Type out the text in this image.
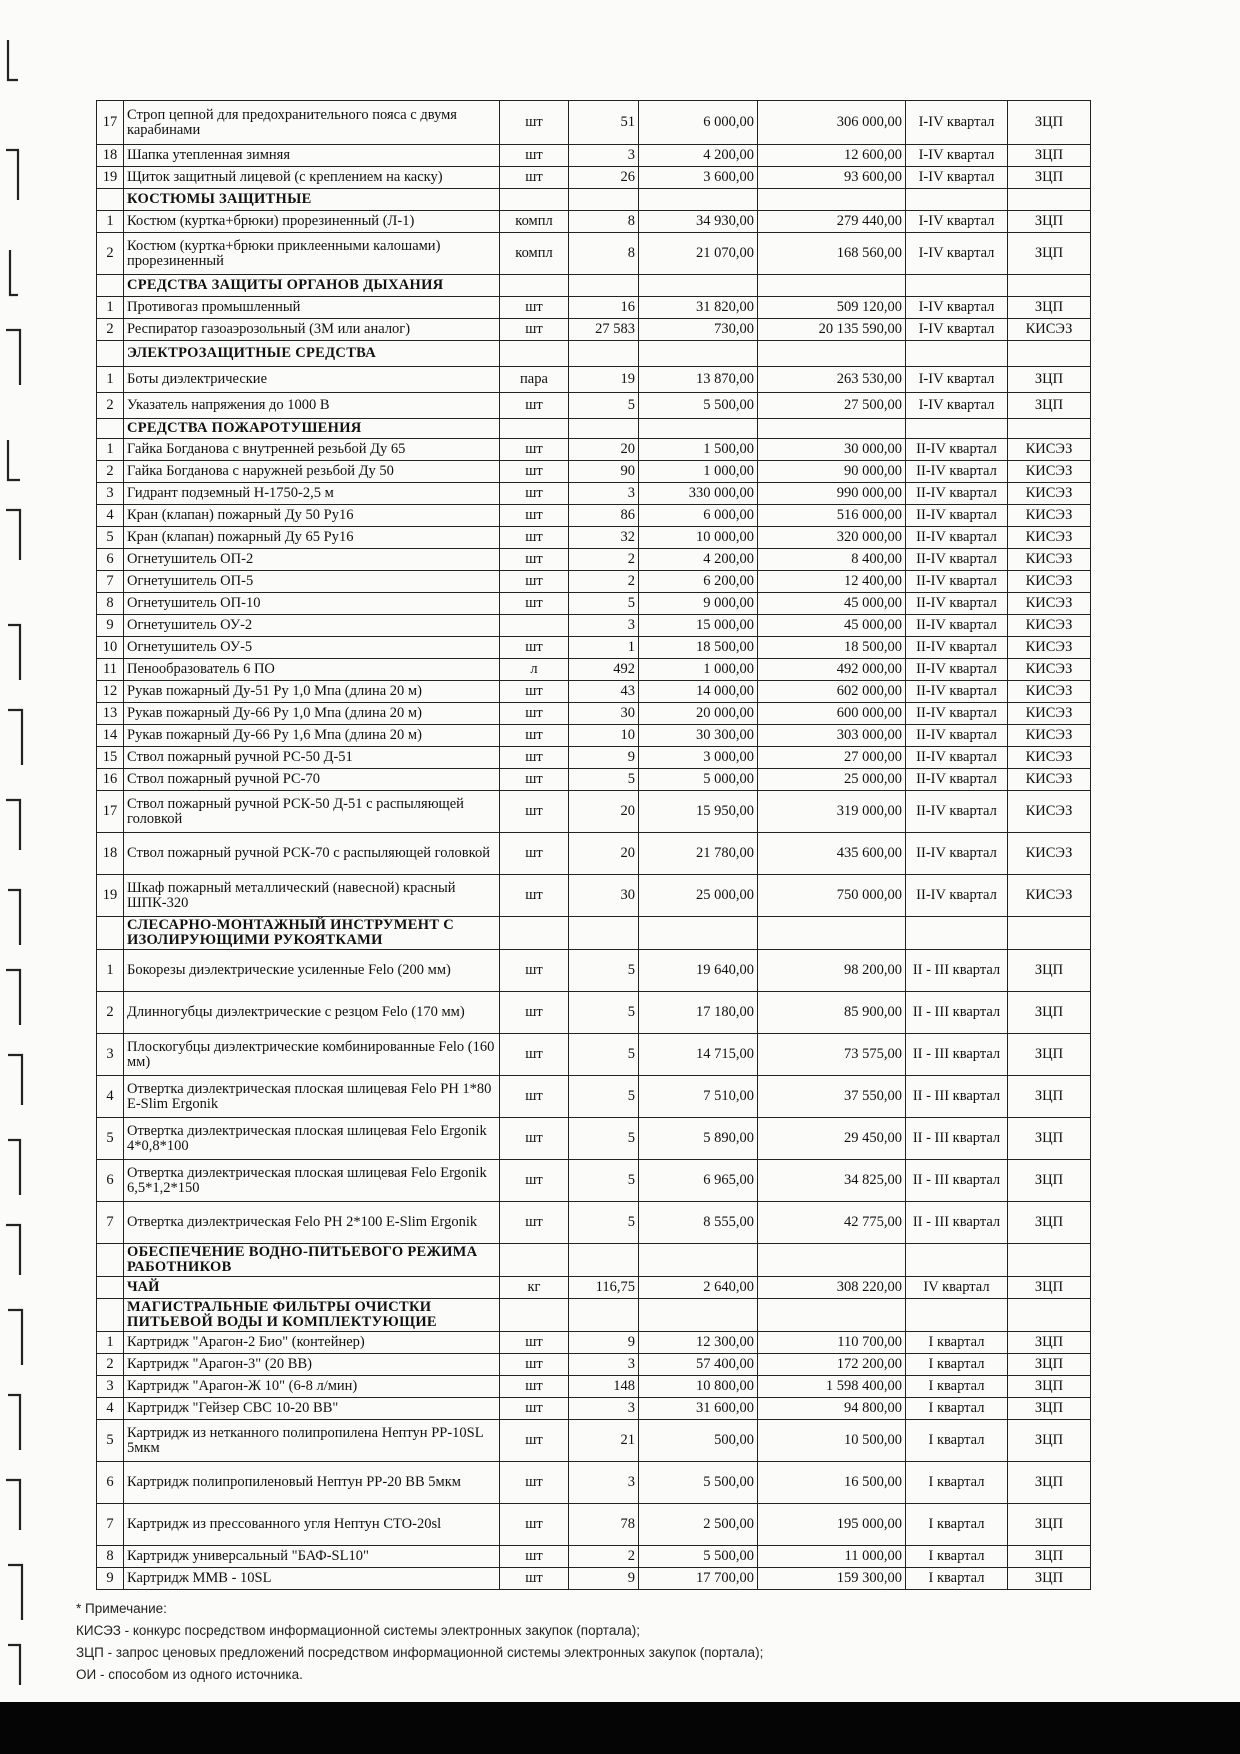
17	Строп цепной для предохранительного пояса с двумя карабинами	шт	51	6 000,00	306 000,00	I-IV квартал	ЗЦП
18	Шапка утепленная зимняя	шт	3	4 200,00	12 600,00	I-IV квартал	ЗЦП
19	Щиток защитный лицевой (с креплением на каску)	шт	26	3 600,00	93 600,00	I-IV квартал	ЗЦП
	КОСТЮМЫ ЗАЩИТНЫЕ						
1	Костюм (куртка+брюки) прорезиненный (Л-1)	компл	8	34 930,00	279 440,00	I-IV квартал	ЗЦП
2	Костюм (куртка+брюки приклеенными калошами) прорезиненный	компл	8	21 070,00	168 560,00	I-IV квартал	ЗЦП
	СРЕДСТВА ЗАЩИТЫ ОРГАНОВ ДЫХАНИЯ						
1	Противогаз промышленный	шт	16	31 820,00	509 120,00	I-IV квартал	ЗЦП
2	Респиратор газоаэрозольный (3М или аналог)	шт	27 583	730,00	20 135 590,00	I-IV квартал	КИСЭЗ
	ЭЛЕКТРОЗАЩИТНЫЕ СРЕДСТВА						
1	Боты диэлектрические	пара	19	13 870,00	263 530,00	I-IV квартал	ЗЦП
2	Указатель напряжения до 1000 В	шт	5	5 500,00	27 500,00	I-IV квартал	ЗЦП
	СРЕДСТВА ПОЖАРОТУШЕНИЯ						
1	Гайка Богданова с внутренней резьбой Ду 65	шт	20	1 500,00	30 000,00	II-IV квартал	КИСЭЗ
2	Гайка Богданова с наружней резьбой Ду 50	шт	90	1 000,00	90 000,00	II-IV квартал	КИСЭЗ
3	Гидрант подземный Н-1750-2,5 м	шт	3	330 000,00	990 000,00	II-IV квартал	КИСЭЗ
4	Кран (клапан) пожарный Ду 50 Ру16	шт	86	6 000,00	516 000,00	II-IV квартал	КИСЭЗ
5	Кран (клапан) пожарный Ду 65 Ру16	шт	32	10 000,00	320 000,00	II-IV квартал	КИСЭЗ
6	Огнетушитель ОП-2	шт	2	4 200,00	8 400,00	II-IV квартал	КИСЭЗ
7	Огнетушитель ОП-5	шт	2	6 200,00	12 400,00	II-IV квартал	КИСЭЗ
8	Огнетушитель ОП-10	шт	5	9 000,00	45 000,00	II-IV квартал	КИСЭЗ
9	Огнетушитель ОУ-2		3	15 000,00	45 000,00	II-IV квартал	КИСЭЗ
10	Огнетушитель ОУ-5	шт	1	18 500,00	18 500,00	II-IV квартал	КИСЭЗ
11	Пенообразователь 6 ПО	л	492	1 000,00	492 000,00	II-IV квартал	КИСЭЗ
12	Рукав пожарный Ду-51 Ру 1,0 Мпа (длина 20 м)	шт	43	14 000,00	602 000,00	II-IV квартал	КИСЭЗ
13	Рукав пожарный Ду-66 Ру 1,0 Мпа (длина 20 м)	шт	30	20 000,00	600 000,00	II-IV квартал	КИСЭЗ
14	Рукав пожарный Ду-66 Ру 1,6 Мпа (длина 20 м)	шт	10	30 300,00	303 000,00	II-IV квартал	КИСЭЗ
15	Ствол пожарный ручной РС-50 Д-51	шт	9	3 000,00	27 000,00	II-IV квартал	КИСЭЗ
16	Ствол пожарный ручной РС-70	шт	5	5 000,00	25 000,00	II-IV квартал	КИСЭЗ
17	Ствол пожарный ручной РСК-50 Д-51 с распыляющей головкой	шт	20	15 950,00	319 000,00	II-IV квартал	КИСЭЗ
18	Ствол пожарный ручной РСК-70 с распыляющей головкой	шт	20	21 780,00	435 600,00	II-IV квартал	КИСЭЗ
19	Шкаф пожарный металлический (навесной) красный ШПК-320	шт	30	25 000,00	750 000,00	II-IV квартал	КИСЭЗ
	СЛЕСАРНО-МОНТАЖНЫЙ ИНСТРУМЕНТ С ИЗОЛИРУЮЩИМИ РУКОЯТКАМИ						
1	Бокорезы диэлектрические усиленные Felo (200 мм)	шт	5	19 640,00	98 200,00	II - III квартал	ЗЦП
2	Длинногубцы диэлектрические с резцом Felo (170 мм)	шт	5	17 180,00	85 900,00	II - III квартал	ЗЦП
3	Плоскогубцы диэлектрические комбинированные Felo (160 мм)	шт	5	14 715,00	73 575,00	II - III квартал	ЗЦП
4	Отвертка диэлектрическая плоская шлицевая Felo PH 1*80 E-Slim Ergonik	шт	5	7 510,00	37 550,00	II - III квартал	ЗЦП
5	Отвертка диэлектрическая плоская шлицевая Felo Ergonik 4*0,8*100	шт	5	5 890,00	29 450,00	II - III квартал	ЗЦП
6	Отвертка диэлектрическая плоская шлицевая Felo Ergonik 6,5*1,2*150	шт	5	6 965,00	34 825,00	II - III квартал	ЗЦП
7	Отвертка диэлектрическая Felo PH 2*100 E-Slim Ergonik	шт	5	8 555,00	42 775,00	II - III квартал	ЗЦП
	ОБЕСПЕЧЕНИЕ ВОДНО-ПИТЬЕВОГО РЕЖИМА РАБОТНИКОВ						
	ЧАЙ	кг	116,75	2 640,00	308 220,00	IV квартал	ЗЦП
	МАГИСТРАЛЬНЫЕ ФИЛЬТРЫ ОЧИСТКИ ПИТЬЕВОЙ ВОДЫ И КОМПЛЕКТУЮЩИЕ						
1	Картридж "Арагон-2 Био" (контейнер)	шт	9	12 300,00	110 700,00	I квартал	ЗЦП
2	Картридж "Арагон-3" (20 ВВ)	шт	3	57 400,00	172 200,00	I квартал	ЗЦП
3	Картридж "Арагон-Ж 10" (6-8 л/мин)	шт	148	10 800,00	1 598 400,00	I квартал	ЗЦП
4	Картридж "Гейзер СВС 10-20 ВВ"	шт	3	31 600,00	94 800,00	I квартал	ЗЦП
5	Картридж из нетканного полипропилена Нептун PP-10SL 5мкм	шт	21	500,00	10 500,00	I квартал	ЗЦП
6	Картридж полипропиленовый Нептун PP-20 ВВ 5мкм	шт	3	5 500,00	16 500,00	I квартал	ЗЦП
7	Картридж из прессованного угля Нептун СТО-20sl	шт	78	2 500,00	195 000,00	I квартал	ЗЦП
8	Картридж универсальный "БАФ-SL10"	шт	2	5 500,00	11 000,00	I квартал	ЗЦП
9	Картридж ММВ - 10SL	шт	9	17 700,00	159 300,00	I квартал	ЗЦП
* Примечание:
КИСЭЗ - конкурс посредством информационной системы электронных закупок (портала);
ЗЦП - запрос ценовых предложений посредством информационной системы электронных закупок (портала);
ОИ - способом из одного источника.
